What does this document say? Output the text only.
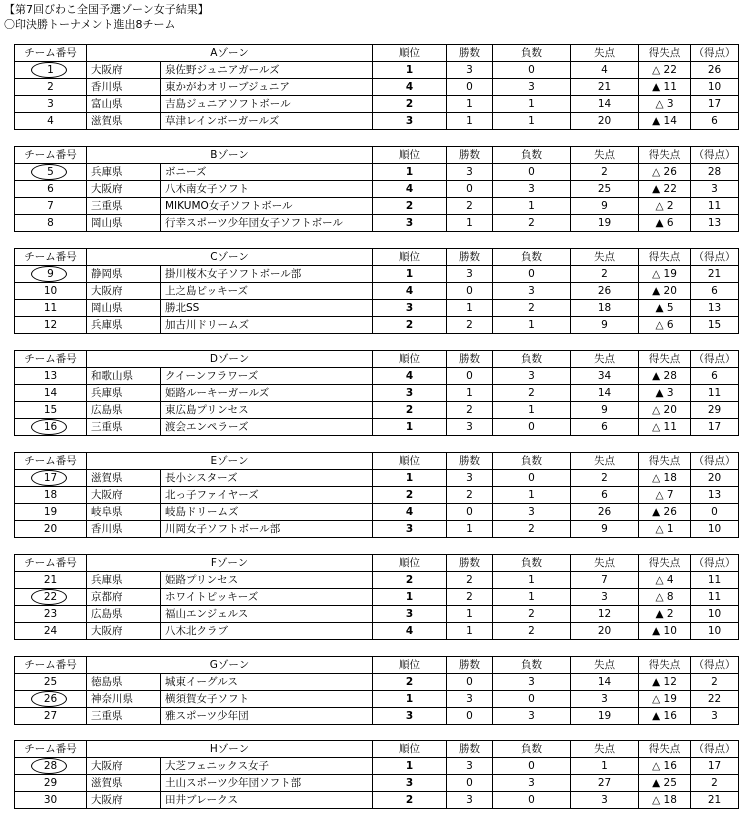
【第7回びわこ全国予選ゾーン女子結果】
〇印決勝トーナメント進出8チーム
チーム番号	Aゾーン		順位	勝数	負数	失点	得失点	（得点）

1	大阪府	泉佐野ジュニアガールズ	1	3	0	4	△ 22	26
2	香川県	東かがわオリーブジュニア	4	0	3	21	▲ 11	10
3	富山県	吉島ジュニアソフトボール	2	1	1	14	△ 3	17
4	滋賀県	草津レインボーガールズ	3	1	1	20	▲ 14	6
チーム番号	Bゾーン		順位	勝数	負数	失点	得失点	（得点）

5	兵庫県	ボニーズ	1	3	0	2	△ 26	28
6	大阪府	八木南女子ソフト	4	0	3	25	▲ 22	3
7	三重県	MIKUMO女子ソフトボール	2	2	1	9	△ 2	11
8	岡山県	行幸スポーツ少年団女子ソフトボール	3	1	2	19	▲ 6	13
チーム番号	Cゾーン		順位	勝数	負数	失点	得失点	（得点）

9	静岡県	掛川桜木女子ソフトボール部	1	3	0	2	△ 19	21
10	大阪府	上之島ピッキーズ	4	0	3	26	▲ 20	6
11	岡山県	勝北SS	3	1	2	18	▲ 5	13
12	兵庫県	加古川ドリームズ	2	2	1	9	△ 6	15
チーム番号	Dゾーン		順位	勝数	負数	失点	得失点	（得点）
13	和歌山県	クイーンフラワーズ	4	0	3	34	▲ 28	6
14	兵庫県	姫路ルーキーガールズ	3	1	2	14	▲ 3	11
15	広島県	東広島プリンセス	2	2	1	9	△ 20	29

16	三重県	渡会エンペラーズ	1	3	0	6	△ 11	17
チーム番号	Eゾーン		順位	勝数	負数	失点	得失点	（得点）

17	滋賀県	長小シスターズ	1	3	0	2	△ 18	20
18	大阪府	北っ子ファイヤーズ	2	2	1	6	△ 7	13
19	岐阜県	岐島ドリームズ	4	0	3	26	▲ 26	0
20	香川県	川岡女子ソフトボール部	3	1	2	9	△ 1	10
チーム番号	Fゾーン		順位	勝数	負数	失点	得失点	（得点）
21	兵庫県	姫路プリンセス	2	2	1	7	△ 4	11

22	京都府	ホワイトピッキーズ	1	2	1	3	△ 8	11
23	広島県	福山エンジェルス	3	1	2	12	▲ 2	10
24	大阪府	八木北クラブ	4	1	2	20	▲ 10	10
チーム番号	Gゾーン		順位	勝数	負数	失点	得失点	（得点）
25	徳島県	城東イーグルス	2	0	3	14	▲ 12	2

26	神奈川県	横須賀女子ソフト	1	3	0	3	△ 19	22
27	三重県	雅スポーツ少年団	3	0	3	19	▲ 16	3
チーム番号	Hゾーン		順位	勝数	負数	失点	得失点	（得点）

28	大阪府	大芝フェニックス女子	1	3	0	1	△ 16	17
29	滋賀県	土山スポーツ少年団ソフト部	3	0	3	27	▲ 25	2
30	大阪府	田井ブレークス	2	3	0	3	△ 18	21
